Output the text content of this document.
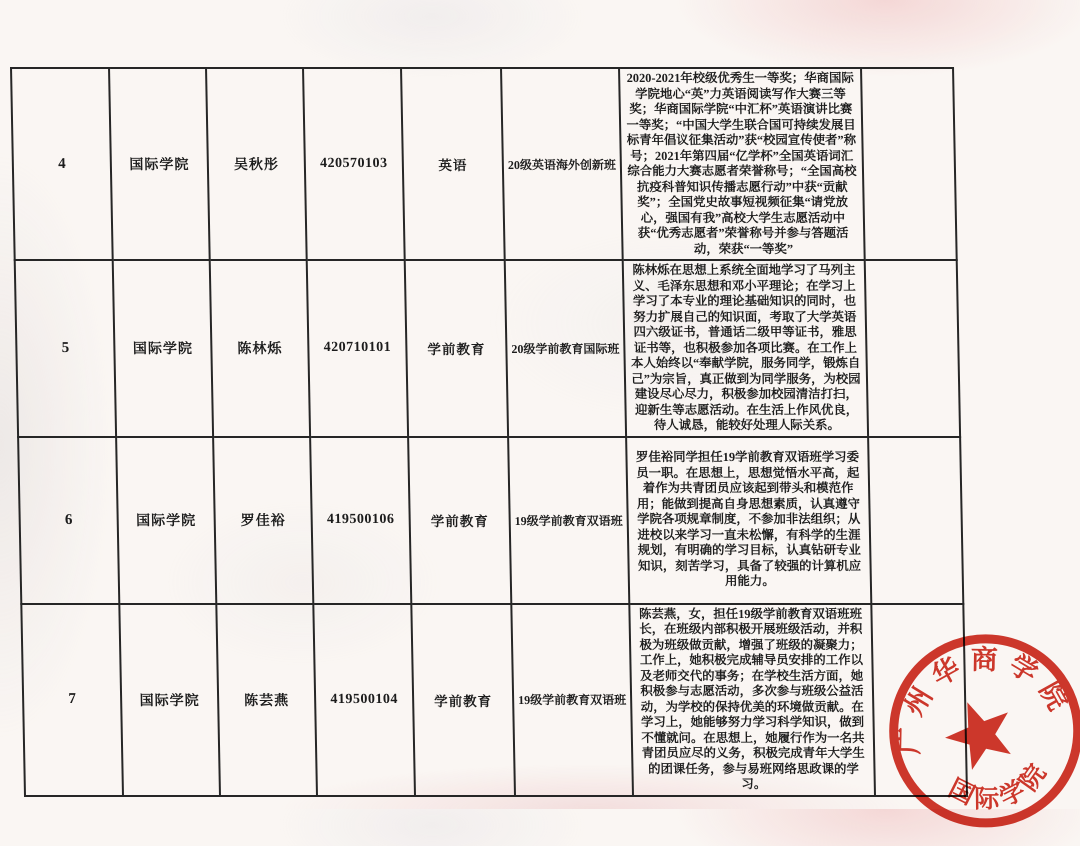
4	国际学院	吴秋彤	420570103	英语	20级英语海外创新班	2020-2021年校级优秀生一等奖；华商国际学院地心“英”力英语阅读写作大赛三等奖；华商国际学院“中汇杯”英语演讲比赛一等奖；“中国大学生联合国可持续发展目标青年倡议征集活动”获“校园宣传使者”称号；2021年第四届“亿学杯”全国英语词汇综合能力大赛志愿者荣誉称号；“全国高校抗疫科普知识传播志愿行动”中获“贡献奖”；全国党史故事短视频征集“请党放心，强国有我”高校大学生志愿活动中获“优秀志愿者”荣誉称号并参与答题活动，荣获“一等奖”	
5	国际学院	陈林烁	420710101	学前教育	20级学前教育国际班	陈林烁在思想上系统全面地学习了马列主义、毛泽东思想和邓小平理论；在学习上学习了本专业的理论基础知识的同时，也努力扩展自己的知识面，考取了大学英语四六级证书，普通话二级甲等证书，雅思证书等，也积极参加各项比赛。在工作上本人始终以“奉献学院，服务同学，锻炼自己”为宗旨，真正做到为同学服务，为校园建设尽心尽力，积极参加校园清洁打扫，迎新生等志愿活动。在生活上作风优良，待人诚恳，能较好处理人际关系。	
6	国际学院	罗佳裕	419500106	学前教育	19级学前教育双语班	罗佳裕同学担任19学前教育双语班学习委员一职。在思想上，思想觉悟水平高，起着作为共青团员应该起到带头和模范作用；能做到提高自身思想素质，认真遵守学院各项规章制度，不参加非法组织；从进校以来学习一直未松懈，有科学的生涯规划，有明确的学习目标，认真钻研专业知识，刻苦学习，具备了较强的计算机应用能力。	
7	国际学院	陈芸燕	419500104	学前教育	19级学前教育双语班	陈芸燕，女，担任19级学前教育双语班班长，在班级内部积极开展班级活动，并积极为班级做贡献，增强了班级的凝聚力；工作上，她积极完成辅导员安排的工作以及老师交代的事务；在学校生活方面，她积极参与志愿活动，多次参与班级公益活动，为学校的保持优美的环境做贡献。在学习上，她能够努力学习科学知识，做到不懂就问。在思想上，她履行作为一名共青团员应尽的义务，积极完成青年大学生的团课任务，参与易班网络思政课的学习。	
广州华商学院
国际学院
